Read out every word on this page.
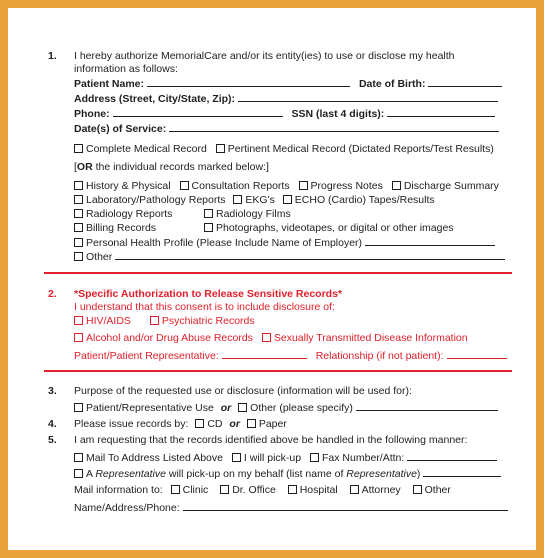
1. I hereby authorize MemorialCare and/or its entity(ies) to use or disclose my health
information as follows:
Patient Name:	Date of Birth:
Address (Street, City/State, Zip):
Phone:	SSN (last 4 digits):
Date(s) of Service:
Complete Medical Record Pertinent Medical Record (Dictated Reports/Test Results)
[OR the individual records marked below:]
History & Physical Consultation Reports Progress Notes Discharge Summary
Laboratory/Pathology Reports EKG's ECHO (Cardio) Tapes/Results
Radiology Reports	Radiology Films
Billing Records	Photographs, videotapes, or digital or other images
Personal Health Profile (Please Include Name of Employer)
Other
2. *Specific Authorization to Release Sensitive Records*
I understand that this consent is to include disclosure of:
HIV/AIDS	Psychiatric Records
Alcohol and/or Drug Abuse Records Sexually Transmitted Disease Information
Patient/Patient Representative:	Relationship (if not patient):
3. Purpose of the requested use or disclosure (information will be used for):
Patient/Representative Use or Other (please specify)
4. Please issue records by: CD or Paper
5. I am requesting that the records identified above be handled in the following manner:
Mail To Address Listed Above I will pick-up Fax Number/Attn:
A Representative will pick-up on my behalf (list name of Representative)
Mail information to: Clinic Dr. Office Hospital Attorney Other
Name/Address/Phone:
